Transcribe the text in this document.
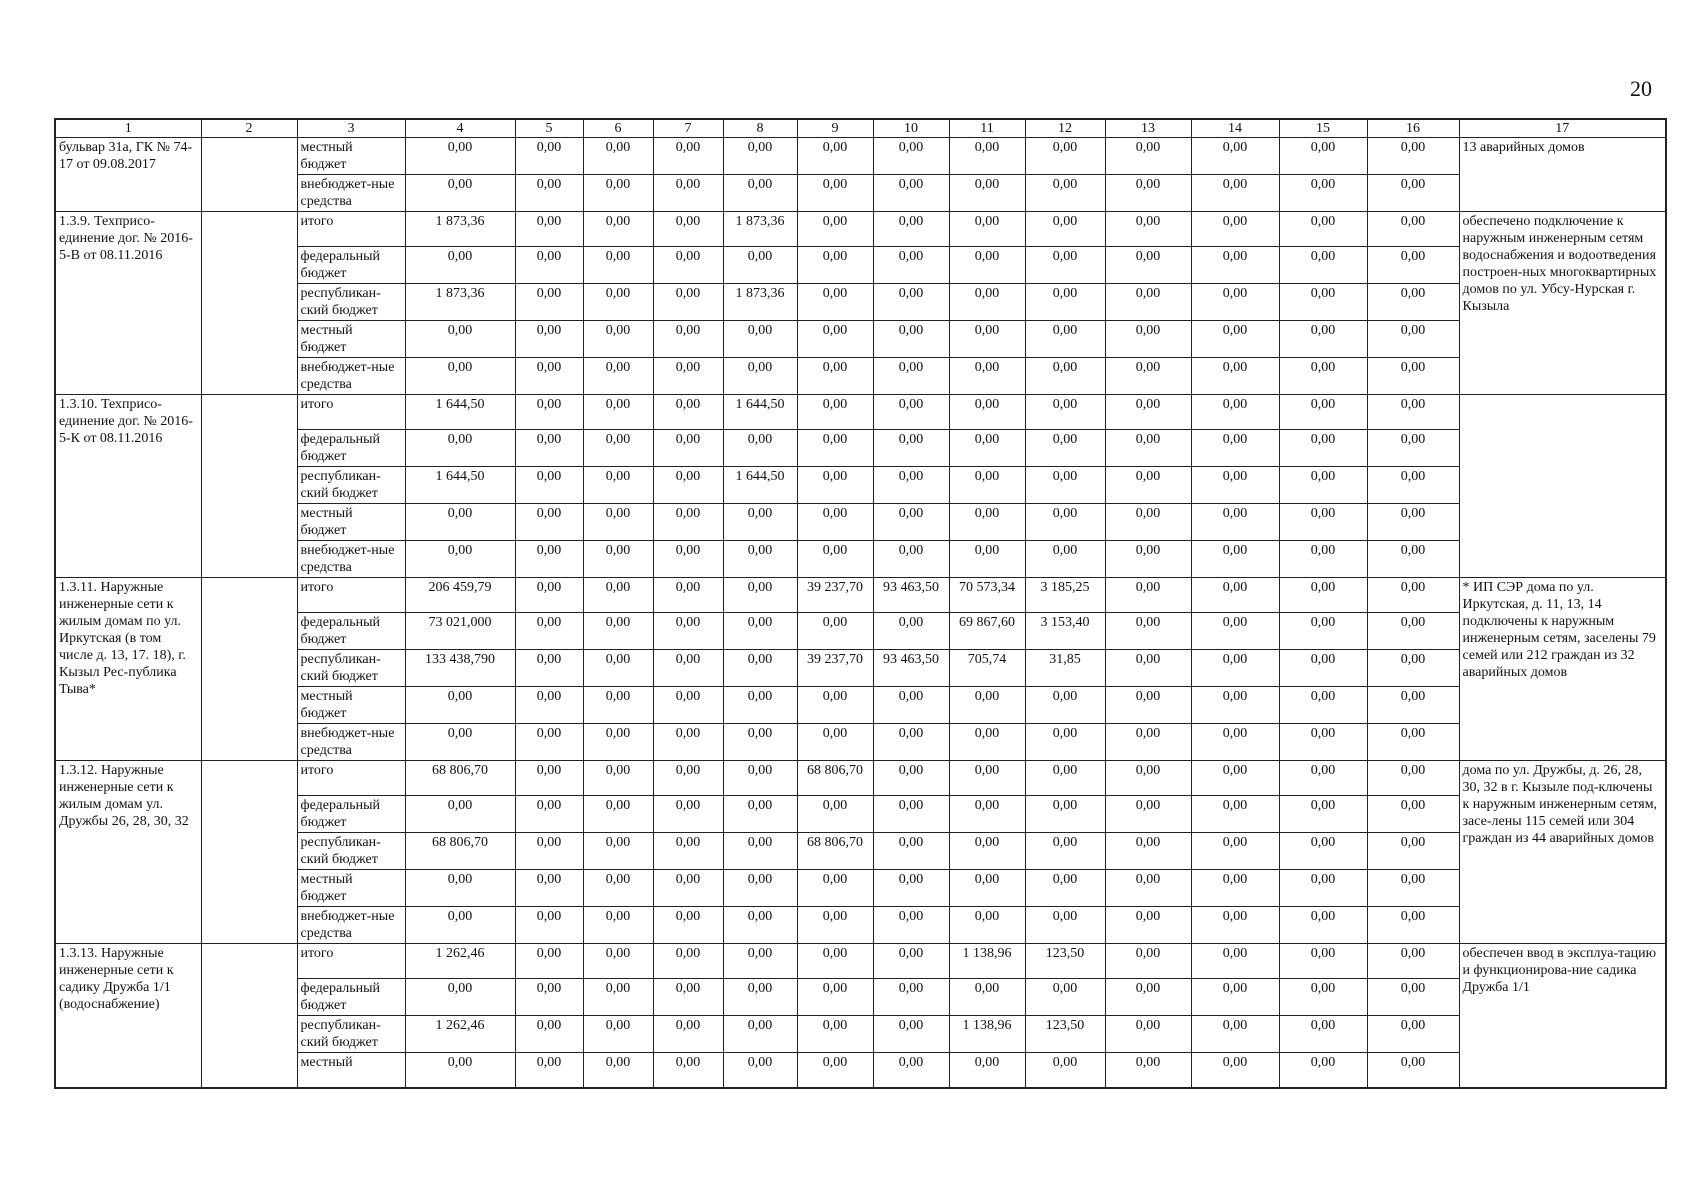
20
1	2	3	4	5	6	7	8	9	10	11	12	13	14	15	16	17
бульвар 31а, ГК № 74-17 от 09.08.2017		местный бюджет	0,00	0,00	0,00	0,00	0,00	0,00	0,00	0,00	0,00	0,00	0,00	0,00	0,00	13 аварийных домов
		внебюджет-ные средства	0,00	0,00	0,00	0,00	0,00	0,00	0,00	0,00	0,00	0,00	0,00	0,00	0,00	
1.3.9. Техприсо-единение дог. № 2016-5-В от 08.11.2016		итого	1 873,36	0,00	0,00	0,00	1 873,36	0,00	0,00	0,00	0,00	0,00	0,00	0,00	0,00	обеспечено подключение к наружным инженерным сетям водоснабжения и водоотведения построен-ных многоквартирных домов по ул. Убсу-Нурская г. Кызыла
		федеральный бюджет	0,00	0,00	0,00	0,00	0,00	0,00	0,00	0,00	0,00	0,00	0,00	0,00	0,00	
		республикан-ский бюджет	1 873,36	0,00	0,00	0,00	1 873,36	0,00	0,00	0,00	0,00	0,00	0,00	0,00	0,00	
		местный бюджет	0,00	0,00	0,00	0,00	0,00	0,00	0,00	0,00	0,00	0,00	0,00	0,00	0,00	
		внебюджет-ные средства	0,00	0,00	0,00	0,00	0,00	0,00	0,00	0,00	0,00	0,00	0,00	0,00	0,00	
1.3.10. Техприсо-единение дог. № 2016-5-К от 08.11.2016		итого	1 644,50	0,00	0,00	0,00	1 644,50	0,00	0,00	0,00	0,00	0,00	0,00	0,00	0,00	
		федеральный бюджет	0,00	0,00	0,00	0,00	0,00	0,00	0,00	0,00	0,00	0,00	0,00	0,00	0,00	
		республикан-ский бюджет	1 644,50	0,00	0,00	0,00	1 644,50	0,00	0,00	0,00	0,00	0,00	0,00	0,00	0,00	
		местный бюджет	0,00	0,00	0,00	0,00	0,00	0,00	0,00	0,00	0,00	0,00	0,00	0,00	0,00	
		внебюджет-ные средства	0,00	0,00	0,00	0,00	0,00	0,00	0,00	0,00	0,00	0,00	0,00	0,00	0,00	
1.3.11. Наружные инженерные сети к жилым домам по ул. Иркутская (в том числе д. 13, 17. 18), г. Кызыл Рес-публика Тыва*		итого	206 459,79	0,00	0,00	0,00	0,00	39 237,70	93 463,50	70 573,34	3 185,25	0,00	0,00	0,00	0,00	* ИП СЭР дома по ул. Иркутская, д. 11, 13, 14 подключены к наружным инженерным сетям, заселены 79 семей или 212 граждан из 32 аварийных домов
		федеральный бюджет	73 021,000	0,00	0,00	0,00	0,00	0,00	0,00	69 867,60	3 153,40	0,00	0,00	0,00	0,00	
		республикан-ский бюджет	133 438,790	0,00	0,00	0,00	0,00	39 237,70	93 463,50	705,74	31,85	0,00	0,00	0,00	0,00	
		местный бюджет	0,00	0,00	0,00	0,00	0,00	0,00	0,00	0,00	0,00	0,00	0,00	0,00	0,00	
		внебюджет-ные средства	0,00	0,00	0,00	0,00	0,00	0,00	0,00	0,00	0,00	0,00	0,00	0,00	0,00	
1.3.12. Наружные инженерные сети к жилым домам ул. Дружбы 26, 28, 30, 32		итого	68 806,70	0,00	0,00	0,00	0,00	68 806,70	0,00	0,00	0,00	0,00	0,00	0,00	0,00	дома по ул. Дружбы, д. 26, 28, 30, 32 в г. Кызыле под-ключены к наружным инженерным сетям, засе-лены 115 семей или 304 граждан из 44 аварийных домов
		федеральный бюджет	0,00	0,00	0,00	0,00	0,00	0,00	0,00	0,00	0,00	0,00	0,00	0,00	0,00	
		республикан-ский бюджет	68 806,70	0,00	0,00	0,00	0,00	68 806,70	0,00	0,00	0,00	0,00	0,00	0,00	0,00	
		местный бюджет	0,00	0,00	0,00	0,00	0,00	0,00	0,00	0,00	0,00	0,00	0,00	0,00	0,00	
		внебюджет-ные средства	0,00	0,00	0,00	0,00	0,00	0,00	0,00	0,00	0,00	0,00	0,00	0,00	0,00	
1.3.13. Наружные инженерные сети к садику Дружба 1/1 (водоснабжение)		итого	1 262,46	0,00	0,00	0,00	0,00	0,00	0,00	1 138,96	123,50	0,00	0,00	0,00	0,00	обеспечен ввод в эксплуа-тацию и функционирова-ние садика Дружба 1/1
		федеральный бюджет	0,00	0,00	0,00	0,00	0,00	0,00	0,00	0,00	0,00	0,00	0,00	0,00	0,00	
		республикан-ский бюджет	1 262,46	0,00	0,00	0,00	0,00	0,00	0,00	1 138,96	123,50	0,00	0,00	0,00	0,00	
		местный	0,00	0,00	0,00	0,00	0,00	0,00	0,00	0,00	0,00	0,00	0,00	0,00	0,00	
